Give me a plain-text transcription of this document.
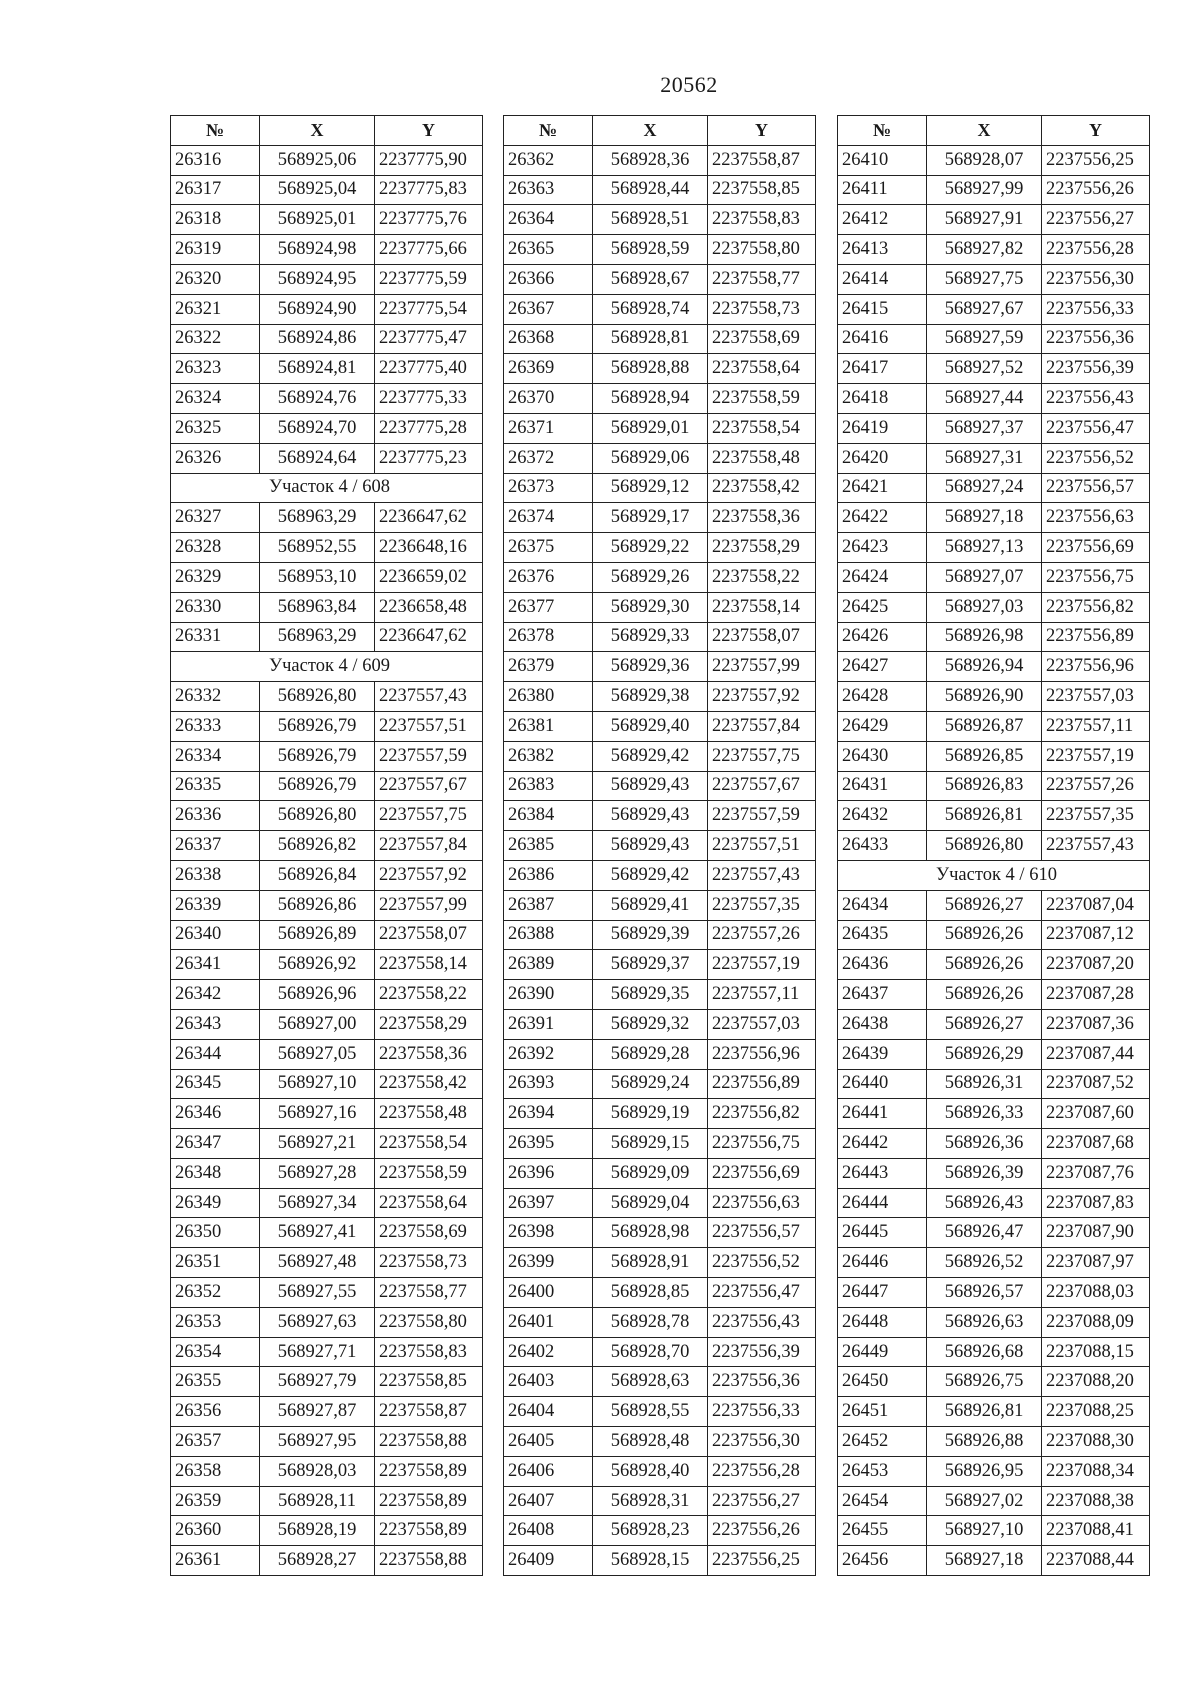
20562
№	X	Y
26316	568925,06	2237775,90
26317	568925,04	2237775,83
26318	568925,01	2237775,76
26319	568924,98	2237775,66
26320	568924,95	2237775,59
26321	568924,90	2237775,54
26322	568924,86	2237775,47
26323	568924,81	2237775,40
26324	568924,76	2237775,33
26325	568924,70	2237775,28
26326	568924,64	2237775,23
Участок 4 / 608		
26327	568963,29	2236647,62
26328	568952,55	2236648,16
26329	568953,10	2236659,02
26330	568963,84	2236658,48
26331	568963,29	2236647,62
Участок 4 / 609		
26332	568926,80	2237557,43
26333	568926,79	2237557,51
26334	568926,79	2237557,59
26335	568926,79	2237557,67
26336	568926,80	2237557,75
26337	568926,82	2237557,84
26338	568926,84	2237557,92
26339	568926,86	2237557,99
26340	568926,89	2237558,07
26341	568926,92	2237558,14
26342	568926,96	2237558,22
26343	568927,00	2237558,29
26344	568927,05	2237558,36
26345	568927,10	2237558,42
26346	568927,16	2237558,48
26347	568927,21	2237558,54
26348	568927,28	2237558,59
26349	568927,34	2237558,64
26350	568927,41	2237558,69
26351	568927,48	2237558,73
26352	568927,55	2237558,77
26353	568927,63	2237558,80
26354	568927,71	2237558,83
26355	568927,79	2237558,85
26356	568927,87	2237558,87
26357	568927,95	2237558,88
26358	568928,03	2237558,89
26359	568928,11	2237558,89
26360	568928,19	2237558,89
26361	568928,27	2237558,88
№	X	Y
26362	568928,36	2237558,87
26363	568928,44	2237558,85
26364	568928,51	2237558,83
26365	568928,59	2237558,80
26366	568928,67	2237558,77
26367	568928,74	2237558,73
26368	568928,81	2237558,69
26369	568928,88	2237558,64
26370	568928,94	2237558,59
26371	568929,01	2237558,54
26372	568929,06	2237558,48
26373	568929,12	2237558,42
26374	568929,17	2237558,36
26375	568929,22	2237558,29
26376	568929,26	2237558,22
26377	568929,30	2237558,14
26378	568929,33	2237558,07
26379	568929,36	2237557,99
26380	568929,38	2237557,92
26381	568929,40	2237557,84
26382	568929,42	2237557,75
26383	568929,43	2237557,67
26384	568929,43	2237557,59
26385	568929,43	2237557,51
26386	568929,42	2237557,43
26387	568929,41	2237557,35
26388	568929,39	2237557,26
26389	568929,37	2237557,19
26390	568929,35	2237557,11
26391	568929,32	2237557,03
26392	568929,28	2237556,96
26393	568929,24	2237556,89
26394	568929,19	2237556,82
26395	568929,15	2237556,75
26396	568929,09	2237556,69
26397	568929,04	2237556,63
26398	568928,98	2237556,57
26399	568928,91	2237556,52
26400	568928,85	2237556,47
26401	568928,78	2237556,43
26402	568928,70	2237556,39
26403	568928,63	2237556,36
26404	568928,55	2237556,33
26405	568928,48	2237556,30
26406	568928,40	2237556,28
26407	568928,31	2237556,27
26408	568928,23	2237556,26
26409	568928,15	2237556,25
№	X	Y
26410	568928,07	2237556,25
26411	568927,99	2237556,26
26412	568927,91	2237556,27
26413	568927,82	2237556,28
26414	568927,75	2237556,30
26415	568927,67	2237556,33
26416	568927,59	2237556,36
26417	568927,52	2237556,39
26418	568927,44	2237556,43
26419	568927,37	2237556,47
26420	568927,31	2237556,52
26421	568927,24	2237556,57
26422	568927,18	2237556,63
26423	568927,13	2237556,69
26424	568927,07	2237556,75
26425	568927,03	2237556,82
26426	568926,98	2237556,89
26427	568926,94	2237556,96
26428	568926,90	2237557,03
26429	568926,87	2237557,11
26430	568926,85	2237557,19
26431	568926,83	2237557,26
26432	568926,81	2237557,35
26433	568926,80	2237557,43
Участок 4 / 610		
26434	568926,27	2237087,04
26435	568926,26	2237087,12
26436	568926,26	2237087,20
26437	568926,26	2237087,28
26438	568926,27	2237087,36
26439	568926,29	2237087,44
26440	568926,31	2237087,52
26441	568926,33	2237087,60
26442	568926,36	2237087,68
26443	568926,39	2237087,76
26444	568926,43	2237087,83
26445	568926,47	2237087,90
26446	568926,52	2237087,97
26447	568926,57	2237088,03
26448	568926,63	2237088,09
26449	568926,68	2237088,15
26450	568926,75	2237088,20
26451	568926,81	2237088,25
26452	568926,88	2237088,30
26453	568926,95	2237088,34
26454	568927,02	2237088,38
26455	568927,10	2237088,41
26456	568927,18	2237088,44
